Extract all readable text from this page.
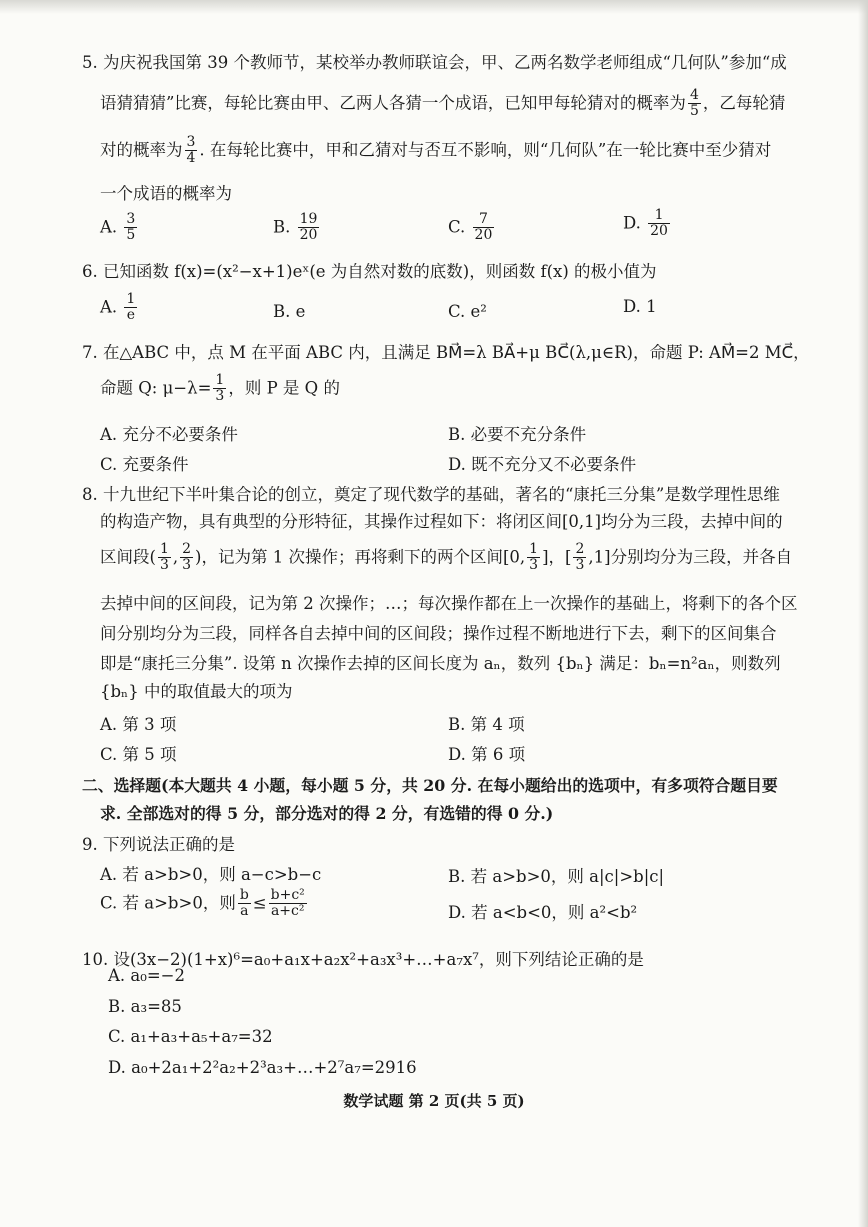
5. 为庆祝我国第 39 个教师节，某校举办教师联谊会，甲、乙两名数学老师组成“几何队”参加“成
语猜猜猜”比赛，每轮比赛由甲、乙两人各猜一个成语，已知甲每轮猜对的概率为 $\frac{4}{5}$ ，乙每轮猜
对的概率为 $\frac{3}{4}$ . 在每轮比赛中，甲和乙猜对与否互不影响，则“几何队”在一轮比赛中至少猜对
一个成语的概率为
A. $\frac{3}{5}$	B. $\frac{19}{20}$	C. $\frac{7}{20}$	D. $\frac{1}{20}$
6. 已知函数 f(x)=(x²−x+1)eˣ(e 为自然对数的底数)，则函数 f(x) 的极小值为
A. $\frac{1}{e}$	B. e	C. e²	D. 1
7. 在△ABC 中，点 M 在平面 ABC 内，且满足 BM⃗=λ BA⃗+μ BC⃗(λ,μ∈R)，命题 P: AM⃗=2 MC⃗，
命题 Q: $\mu-\lambda= \frac{1}{3}$ ，则 P 是 Q 的
A. 充分不必要条件	B. 必要不充分条件
C. 充要条件	D. 既不充分又不必要条件
8. 十九世纪下半叶集合论的创立，奠定了现代数学的基础，著名的“康托三分集”是数学理性思维
的构造产物，具有典型的分形特征，其操作过程如下：将闭区间[0,1]均分为三段，去掉中间的
区间段( $\frac{1}{3}$ , $\frac{2}{3}$ )，记为第 1 次操作；再将剩下的两个区间[0, $\frac{1}{3}$ ]，[ $\frac{2}{3} ,1$]分别均分为三段，并各自
去掉中间的区间段，记为第 2 次操作；…；每次操作都在上一次操作的基础上，将剩下的各个区
间分别均分为三段，同样各自去掉中间的区间段；操作过程不断地进行下去，剩下的区间集合
即是“康托三分集”. 设第 n 次操作去掉的区间长度为 aₙ，数列 {bₙ} 满足：bₙ=n²aₙ，则数列
{bₙ} 中的取值最大的项为
A. 第 3 项	B. 第 4 项
C. 第 5 项	D. 第 6 项
二、选择题(本大题共 4 小题，每小题 5 分，共 20 分. 在每小题给出的选项中，有多项符合题目要
求. 全部选对的得 5 分，部分选对的得 2 分，有选错的得 0 分.)
9. 下列说法正确的是
A. 若 a>b>0，则 a−c>b−c	B. 若 a>b>0，则 a|c|>b|c|
C. 若 a>b>0，则 $\frac{b}{a} \le \frac{\text{b+c²}}{\text{a+c²}}$	D. 若 a<b<0，则 a²<b²
10. 设(3x−2)(1+x)⁶=a₀+a₁x+a₂x²+a₃x³+…+a₇x⁷，则下列结论正确的是
A. a₀=−2
B. a₃=85
C. a₁+a₃+a₅+a₇=32
D. a₀+2a₁+2²a₂+2³a₃+…+2⁷a₇=2916
数学试题 第 2 页(共 5 页)
